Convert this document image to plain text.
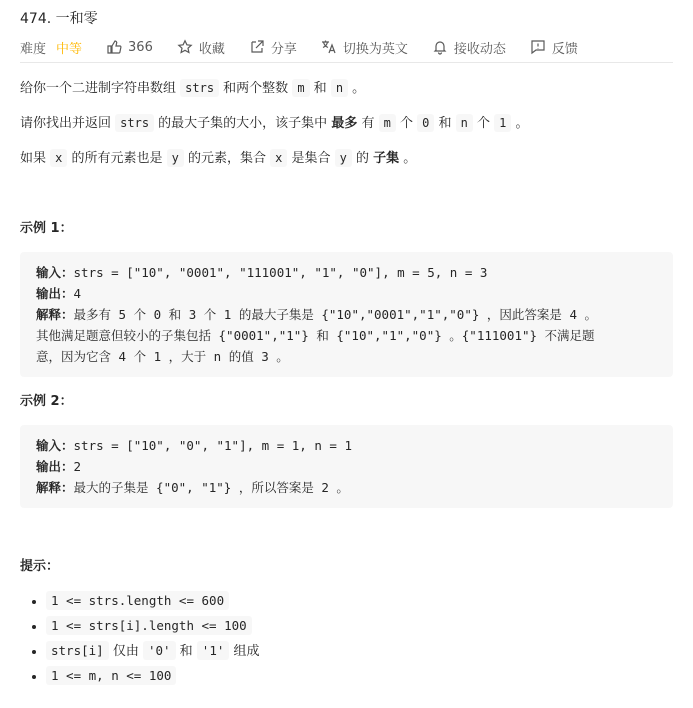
474. 一和零
难度 中等	366	收藏	分享	切换为英文	接收动态	反馈

给你一个二进制字符串数组 strs 和两个整数 m 和 n 。

请你找出并返回 strs 的最大子集的大小，该子集中 最多 有 m 个 0 和 n 个 1 。

如果 x 的所有元素也是 y 的元素，集合 x 是集合 y 的 子集 。

示例 1：
输入：strs = ["10", "0001", "111001", "1", "0"], m = 5, n = 3
输出：4
解释：最多有 5 个 0 和 3 个 1 的最大子集是 {"10","0001","1","0"} ，因此答案是 4 。
其他满足题意但较小的子集包括 {"0001","1"} 和 {"10","1","0"} 。{"111001"} 不满足题
意，因为它含 4 个 1 ，大于 n 的值 3 。
示例 2：
输入：strs = ["10", "0", "1"], m = 1, n = 1
输出：2
解释：最大的子集是 {"0", "1"} ，所以答案是 2 。
提示：
• 1 <= strs.length <= 600
• 1 <= strs[i].length <= 100
• strs[i] 仅由 '0' 和 '1' 组成
• 1 <= m, n <= 100
